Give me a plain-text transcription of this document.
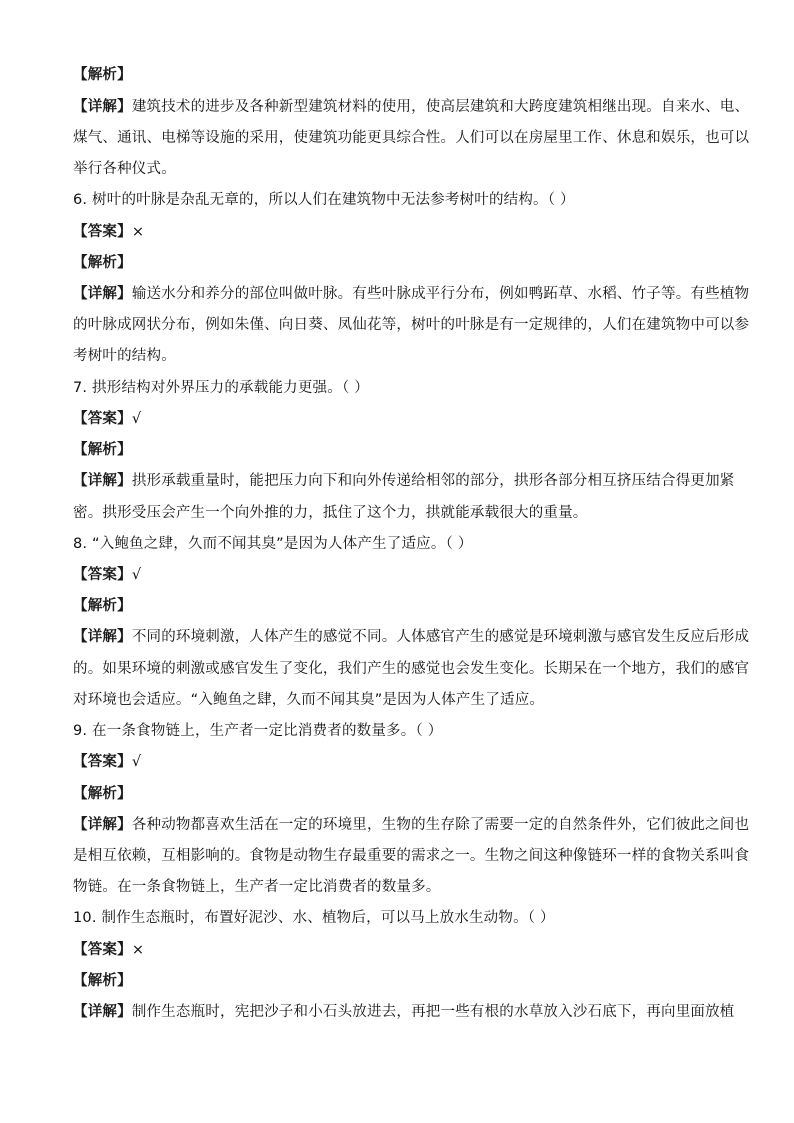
【解析】
【详解】建筑技术的进步及各种新型建筑材料的使用，使高层建筑和大跨度建筑相继出现。自来水、电、
煤气、通讯、电梯等设施的采用，使建筑功能更具综合性。人们可以在房屋里工作、休息和娱乐，也可以
举行各种仪式。
6. 树叶的叶脉是杂乱无章的，所以人们在建筑物中无法参考树叶的结构。（ ）
【答案】×
【解析】
【详解】输送水分和养分的部位叫做叶脉。有些叶脉成平行分布，例如鸭跖草、水稻、竹子等。有些植物
的叶脉成网状分布，例如朱僅、向日葵、凤仙花等，树叶的叶脉是有一定规律的，人们在建筑物中可以参
考树叶的结构。
7. 拱形结构对外界压力的承载能力更强。（ ）
【答案】√
【解析】
【详解】拱形承载重量时，能把压力向下和向外传递给相邻的部分，拱形各部分相互挤压结合得更加紧
密。拱形受压会产生一个向外推的力，抵住了这个力，拱就能承载很大的重量。
8. “入鲍鱼之肆，久而不闻其臭”是因为人体产生了适应。（ ）
【答案】√
【解析】
【详解】不同的环境刺激，人体产生的感觉不同。人体感官产生的感觉是环境刺激与感官发生反应后形成
的。如果环境的刺激或感官发生了变化，我们产生的感觉也会发生变化。长期呆在一个地方，我们的感官
对环境也会适应。“入鲍鱼之肆，久而不闻其臭”是因为人体产生了适应。
9. 在一条食物链上，生产者一定比消费者的数量多。（ ）
【答案】√
【解析】
【详解】各种动物都喜欢生活在一定的环境里，生物的生存除了需要一定的自然条件外，它们彼此之间也
是相互依赖，互相影响的。食物是动物生存最重要的需求之一。生物之间这种像链环一样的食物关系叫食
物链。在一条食物链上，生产者一定比消费者的数量多。
10. 制作生态瓶时，布置好泥沙、水、植物后，可以马上放水生动物。（ ）
【答案】×
【解析】
【详解】制作生态瓶时，宪把沙子和小石头放进去，再把一些有根的水草放入沙石底下，再向里面放植
